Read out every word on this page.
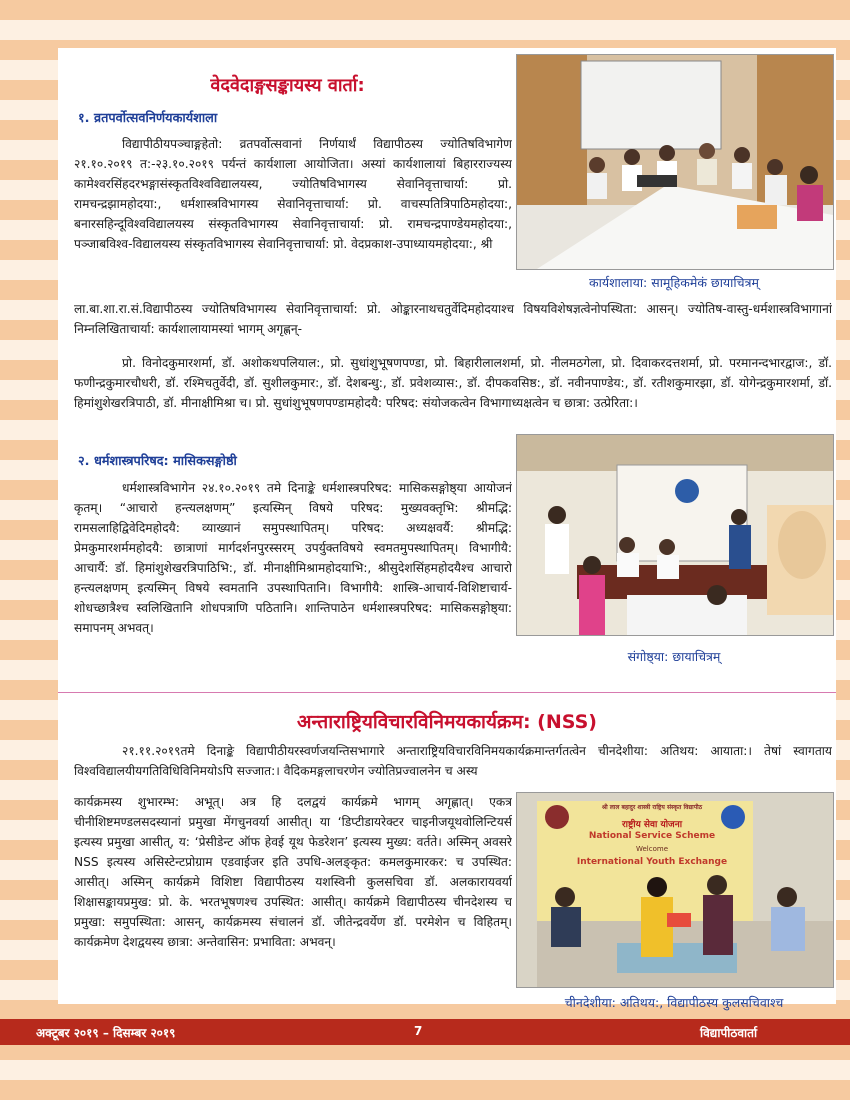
वेदवेदाङ्गसङ्कायस्य वार्ता:
१. व्रतपर्वोत्सवनिर्णयकार्यशाला

विद्यापीठीयपञ्चाङ्गहेतो: व्रतपर्वोत्सवानां निर्णयार्थं विद्यापीठस्य ज्योतिषविभागेण २१.१०.२०१९ त:-२३.१०.२०१९ पर्यन्तं कार्यशाला आयोजिता। अस्यां कार्यशालायां बिहारराज्यस्य कामेश्वरसिंहदरभङ्गासंस्कृतविश्वविद्यालयस्य, ज्योतिषविभागस्य सेवानिवृत्ताचार्या: प्रो. रामचन्द्रझामहोदया:, धर्मशास्त्रविभागस्य सेवानिवृत्ताचार्या: प्रो. वाचस्पतित्रिपाठिमहोदया:, बनारसहिन्दूविश्वविद्यालयस्य संस्कृतविभागस्य सेवानिवृत्ताचार्या: प्रो. रामचन्द्रपाण्डेयमहोदया:, पञ्जाबविश्व-विद्यालयस्य संस्कृतविभागस्य सेवानिवृत्ताचार्या: प्रो. वेदप्रकाश-उपाध्यायमहोदया:, श्री

ला.बा.शा.रा.सं.विद्यापीठस्य ज्योतिषविभागस्य सेवानिवृत्ताचार्या: प्रो. ओङ्कारनाथचतुर्वेदिमहोदयाश्च विषयविशेषज्ञत्वेनोपस्थिता: आसन्। ज्योतिष-वास्तु-धर्मशास्त्रविभागानां निम्नलिखिताचार्या: कार्यशालायामस्यां भागम् अगृह्णन्-

कार्यशालाया: सामूहिकमेकं छायाचित्रम्

प्रो. विनोदकुमारशर्मा, डॉ. अशोकथपलियाल:, प्रो. सुधांशुभूषणपण्डा, प्रो. बिहारीलालशर्मा, प्रो. नीलमठगेला, प्रो. दिवाकरदत्तशर्मा, प्रो. परमानन्दभारद्वाज:, डॉ. फणीन्द्रकुमारचौधरी, डॉ. रश्मिचतुर्वेदी, डॉ. सुशीलकुमार:, डॉ. देशबन्धु:, डॉ. प्रवेशव्यास:, डॉ. दीपकवसिष्ठ:, डॉ. नवीनपाण्डेय:, डॉ. रतीशकुमारझा, डॉ. योगेन्द्रकुमारशर्मा, डॉ. हिमांशुशेखरत्रिपाठी, डॉ. मीनाक्षीमिश्रा च। प्रो. सुधांशुभूषणपण्डामहोदयै: परिषद: संयोजकत्वेन विभागाध्यक्षत्वेन च छात्रा: उत्प्रेरिता:।

२. धर्मशास्त्रपरिषद: मासिकसङ्गोष्ठी

धर्मशास्त्रविभागेन २४.१०.२०१९ तमे दिनाङ्के धर्मशास्त्रपरिषद: मासिकसङ्गोष्ठ्या आयोजनं कृतम्। “आचारो हन्त्यलक्षणम्” इत्यस्मिन् विषये परिषद: मुख्यवक्तृभि: श्रीमद्भि: रामसलाहिद्विवेदिमहोदयै: व्याख्यानं समुपस्थापितम्। परिषद: अध्यक्षवर्यै: श्रीमद्भि: प्रेमकुमारशर्ममहोदयै: छात्राणां मार्गदर्शनपुरस्सरम् उपर्युक्तविषये स्वमतमुपस्थापितम्। विभागीयै: आचार्यै: डॉ. हिमांशुशेखरत्रिपाठिभि:, डॉ. मीनाक्षीमिश्रामहोदयाभि:, श्रीसुदेशसिंहमहोदयैश्च आचारो हन्त्यलक्षणम् इत्यस्मिन् विषये स्वमतानि उपस्थापितानि। विभागीयै: शास्त्रि-आचार्य-विशिष्टाचार्य-शोधच्छात्रैश्च स्वलिखितानि शोधपत्राणि पठितानि। शान्तिपाठेन धर्मशास्त्रपरिषद: मासिकसङ्गोष्ठ्या: समापनम् अभवत्।

संगोष्ठ्या: छायाचित्रम्
अन्ताराष्ट्रियविचारविनिमयकार्यक्रम: (NSS)

२१.११.२०१९तमे दिनाङ्के विद्यापीठीयरस्वर्णजयन्तिसभागारे अन्ताराष्ट्रियविचारविनिमयकार्यक्रमान्तर्गतत्वेन चीनदेशीया: अतिथय: आयाता:। तेषां स्वागताय विश्वविद्यालयीयगतिविधिविनिमयोऽपि सज्जात:। वैदिकमङ्गलाचरणेन ज्योतिप्रज्वालनेन च अस्य

कार्यक्रमस्य शुभारम्भ: अभूत्। अत्र हि दलद्वयं कार्यक्रमे भागम् अगृह्णात्। एकत्र चीनीशिष्टमण्डलसदस्यानां प्रमुखा मेंगचुनवर्या आसीत्। या ‘डिप्टीडायरेक्टर चाइनीजयूथवोलिन्टियर्स इत्यस्य प्रमुखा आसीत्, य: ‘प्रेसीडेन्ट ऑफ हेवई यूथ फेडरेशन’ इत्यस्य मुख्य: वर्तते। अस्मिन् अवसरे NSS इत्यस्य असिस्टेन्टप्रोग्राम एडवाईजर इति उपधि-अलङ्कृत: कमलकुमारकर: च उपस्थित: आसीत्। अस्मिन् कार्यक्रमे विशिष्टा विद्यापीठस्य यशस्विनी कुलसचिवा डॉ. अलकारायवर्या शिक्षासङ्कायप्रमुख: प्रो. के. भरतभूषणश्च उपस्थित: आसीत्। कार्यक्रमे विद्यापीठस्य चीनदेशस्य च प्रमुखा: समुपस्थिता: आसन्, कार्यक्रमस्य संचालनं डॉ. जीतेन्द्रवर्येण डॉ. परमेशेन च विहितम्। कार्यक्रमेण देशद्वयस्य छात्रा: अन्तेवासिन: प्रभाविता: अभवन्।

श्री लाल बहादुर शास्त्री राष्ट्रिय संस्कृत विद्यापीठ
राष्ट्रीय सेवा योजना
National Service Scheme
Welcome
International Youth Exchange
चीनदेशीया: अतिथय:, विद्यापीठस्य कुलसचिवाश्च
अक्टूबर २०१९ – दिसम्बर २०१९	7	विद्यापीठवार्ता
